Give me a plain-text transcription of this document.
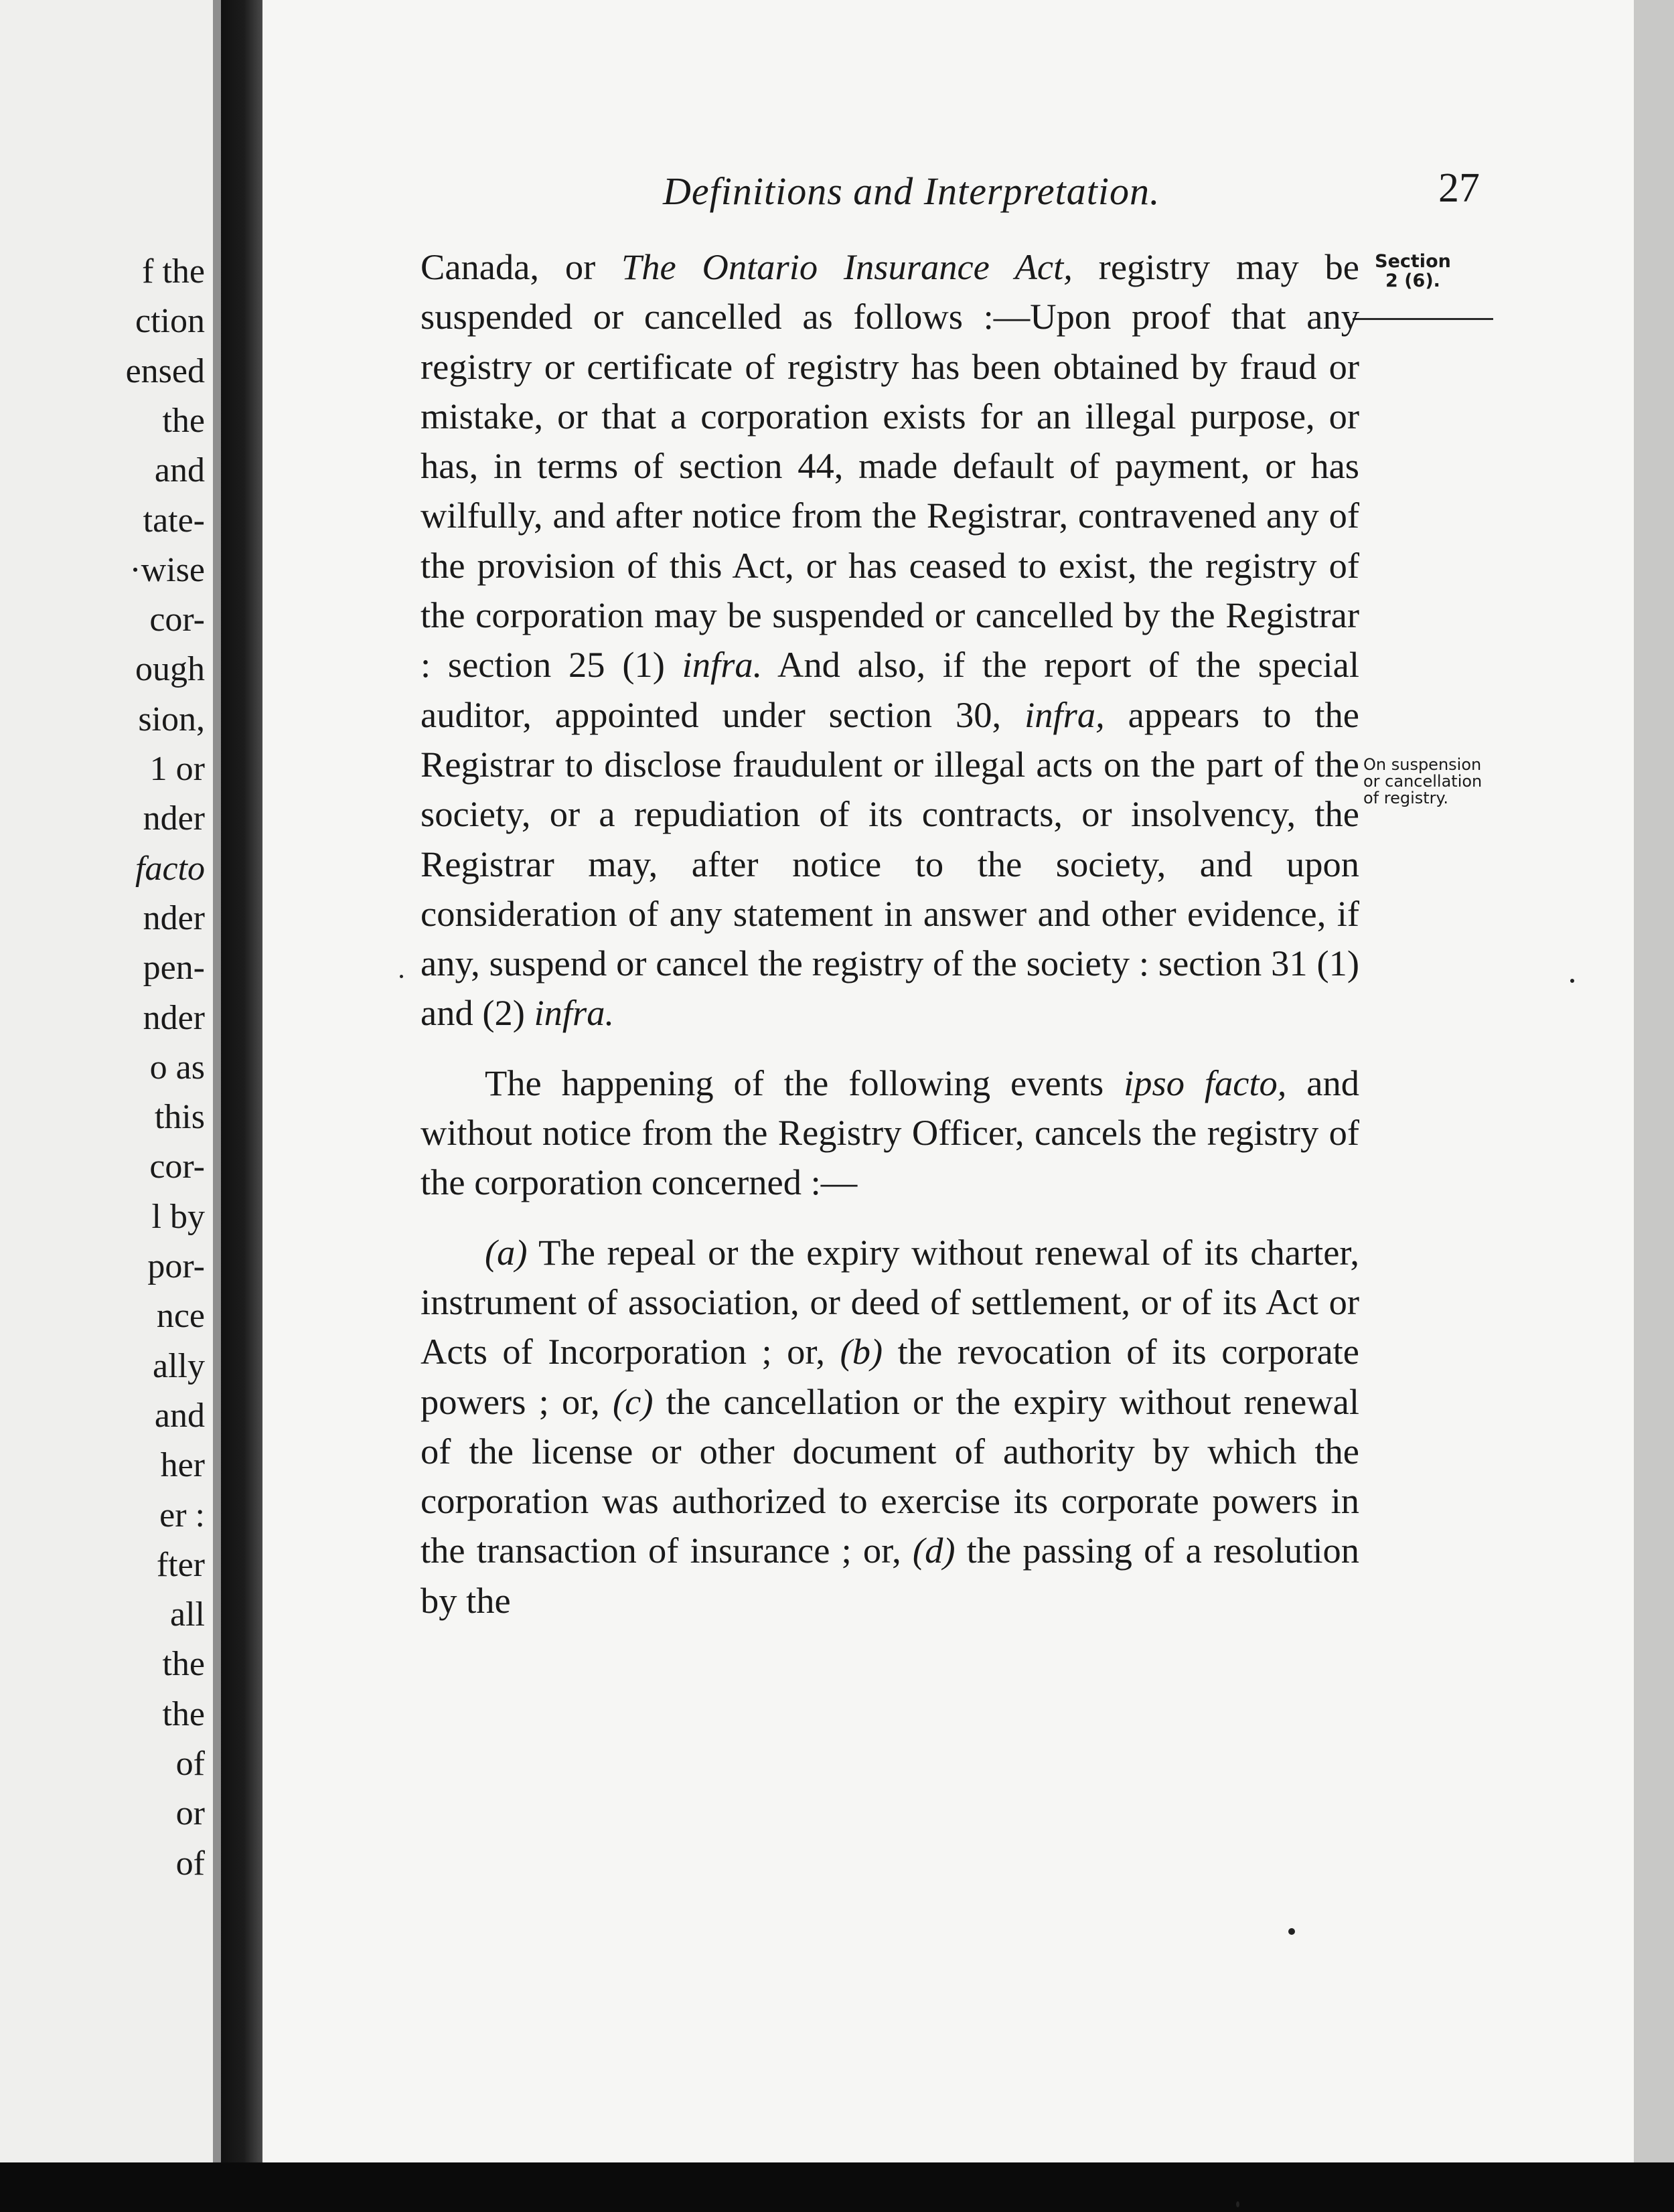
f the
ction
ensed
the
and
tate-
·wise
cor-
ough
sion,
1 or
nder
facto
nder
pen-
nder
o as
this
cor-
l by
por-
nce
ally
and
her
er :
fter
all
the
the
of
or
of
Definitions and Interpretation.	27
Section 2 (6).
On suspension or cancellation of registry.

Canada, or The Ontario Insurance Act, registry may be suspended or cancelled as follows :—Upon proof that any registry or certificate of registry has been obtained by fraud or mistake, or that a corporation exists for an illegal purpose, or has, in terms of section 44, made default of payment, or has wilfully, and after notice from the Registrar, contravened any of the provision of this Act, or has ceased to exist, the registry of the corporation may be suspended or cancelled by the Registrar : section 25 (1) infra. And also, if the report of the special auditor, appointed under section 30, infra, appears to the Registrar to disclose fraudulent or illegal acts on the part of the society, or a repudiation of its contracts, or insolvency, the Registrar may, after notice to the society, and upon consideration of any statement in answer and other evidence, if any, suspend or cancel the registry of the society : section 31 (1) and (2) infra.

The happening of the following events ipso facto, and without notice from the Registry Officer, cancels the registry of the corporation concerned :—

(a) The repeal or the expiry without renewal of its charter, instrument of association, or deed of settlement, or of its Act or Acts of Incorporation ; or, (b) the revocation of its corporate powers ; or, (c) the cancellation or the expiry without renewal of the license or other document of authority by which the corporation was authorized to exercise its corporate powers in the transaction of insurance ; or, (d) the passing of a resolution by the
